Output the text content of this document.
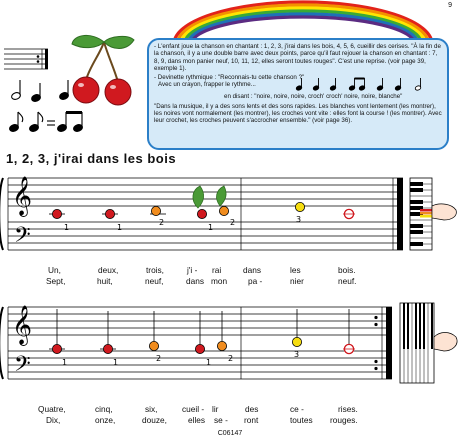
9

- L'enfant joue la chanson en chantant : 1, 2, 3, j'irai dans les bois, 4, 5, 6, cueillir des cerises. "À la fin de la chanson, il y a une double barre avec deux points, parce qu'il faut rejouer la chanson en chantant : 7, 8, 9, dans mon panier neuf, 10, 11, 12, elles seront toutes rouges". C'est une reprise. (voir page 39, exemple 1).

- Devinette rythmique : "Reconnais-tu cette chanson ?"

Avec un crayon, frapper le rythme...

en disant : "noire, noire, noire, croch' croch' noire, noire, blanche"

"Dans la musique, il y a des sons lents et des sons rapides. Les blanches vont lentement (les montrer), les noires vont normalement (les montrer), les croches vont vite : elles font la course ! (les montrer). Avec leur crochet, les croches peuvent s'accrocher ensemble." (voir page 36).

1, 2, 3, j'irai dans les bois
𝄞
𝄢	1	1
2
1
2	3
Un,	deux,	trois,	j'i - rai	dans	les	bois.
Sept,	huit,	neuf,	dans mon	pa -	nier	neuf.
𝄞
𝄢	1	1	2	1 2	3
Quatre,	cinq,	six,	cueil - lir	des	ce -	rises.
Dix,	onze,	douze,	elles se - ront	toutes rouges.
C06147
